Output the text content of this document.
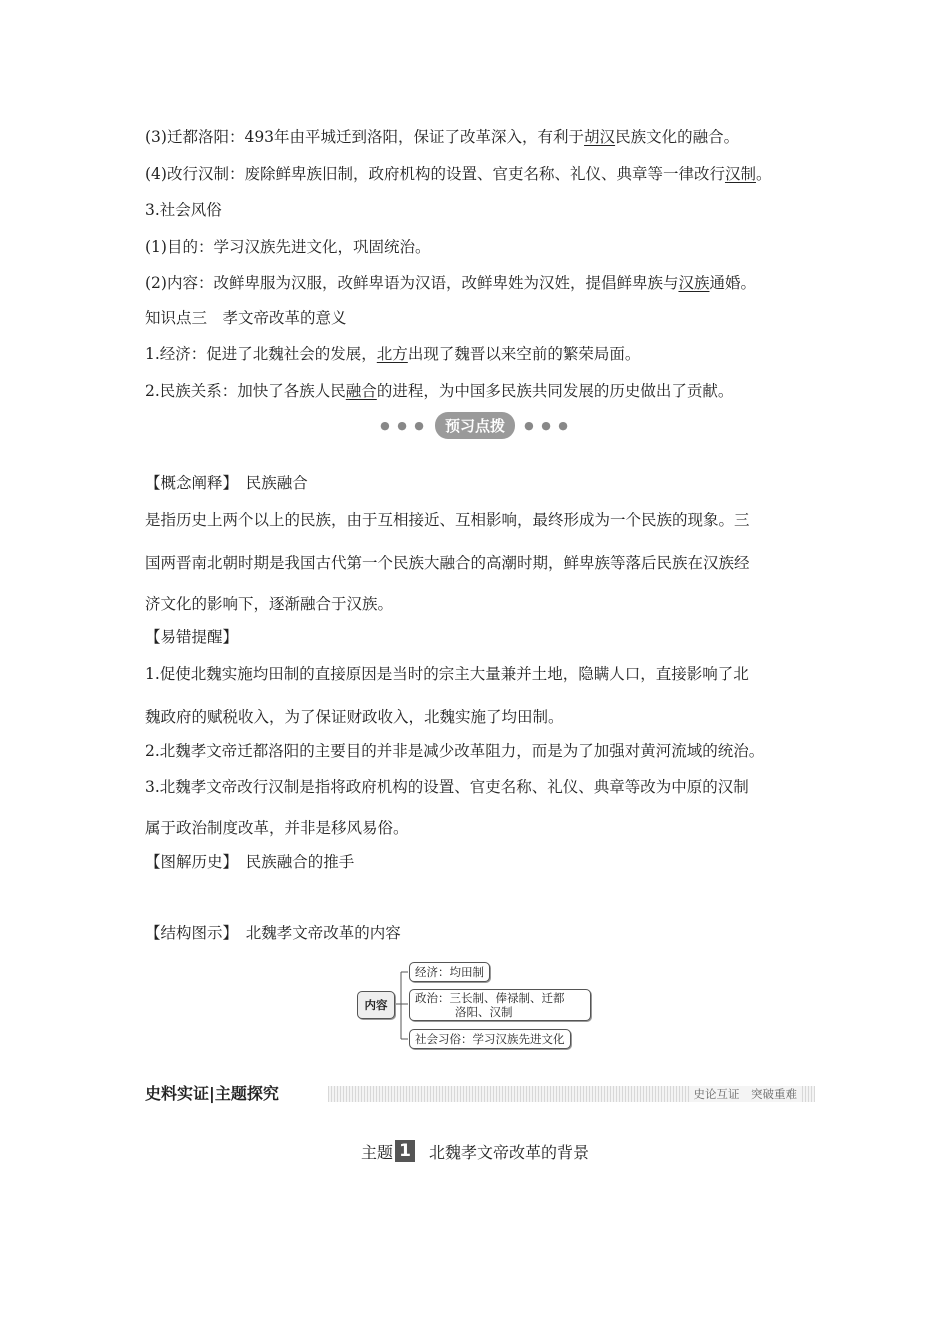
(3)迁都洛阳：493年由平城迁到洛阳，保证了改革深入，有利于胡汉民族文化的融合。
(4)改行汉制：废除鲜卑族旧制，政府机构的设置、官吏名称、礼仪、典章等一律改行汉制。
3.社会风俗
(1)目的：学习汉族先进文化，巩固统治。
(2)内容：改鲜卑服为汉服，改鲜卑语为汉语，改鲜卑姓为汉姓，提倡鲜卑族与汉族通婚。
知识点三　孝文帝改革的意义
1.经济：促进了北魏社会的发展，北方出现了魏晋以来空前的繁荣局面。
2.民族关系：加快了各族人民融合的进程，为中国多民族共同发展的历史做出了贡献。
● ● ● 预习点拨 ● ● ●
【概念阐释】　民族融合
是指历史上两个以上的民族，由于互相接近、互相影响，最终形成为一个民族的现象。三
国两晋南北朝时期是我国古代第一个民族大融合的高潮时期，鲜卑族等落后民族在汉族经
济文化的影响下，逐渐融合于汉族。
【易错提醒】
1.促使北魏实施均田制的直接原因是当时的宗主大量兼并土地，隐瞒人口，直接影响了北
魏政府的赋税收入，为了保证财政收入，北魏实施了均田制。
2.北魏孝文帝迁都洛阳的主要目的并非是减少改革阻力，而是为了加强对黄河流域的统治。
3.北魏孝文帝改行汉制是指将政府机构的设置、官吏名称、礼仪、典章等改为中原的汉制
属于政治制度改革，并非是移风易俗。
【图解历史】　民族融合的推手
【结构图示】　北魏孝文帝改革的内容
内容
经济：均田制
政治：三长制、俸禄制、迁都
洛阳、汉制
社会习俗：学习汉族先进文化
史料实证|主题探究	史论互证　突破重难
主题 1 北魏孝文帝改革的背景
